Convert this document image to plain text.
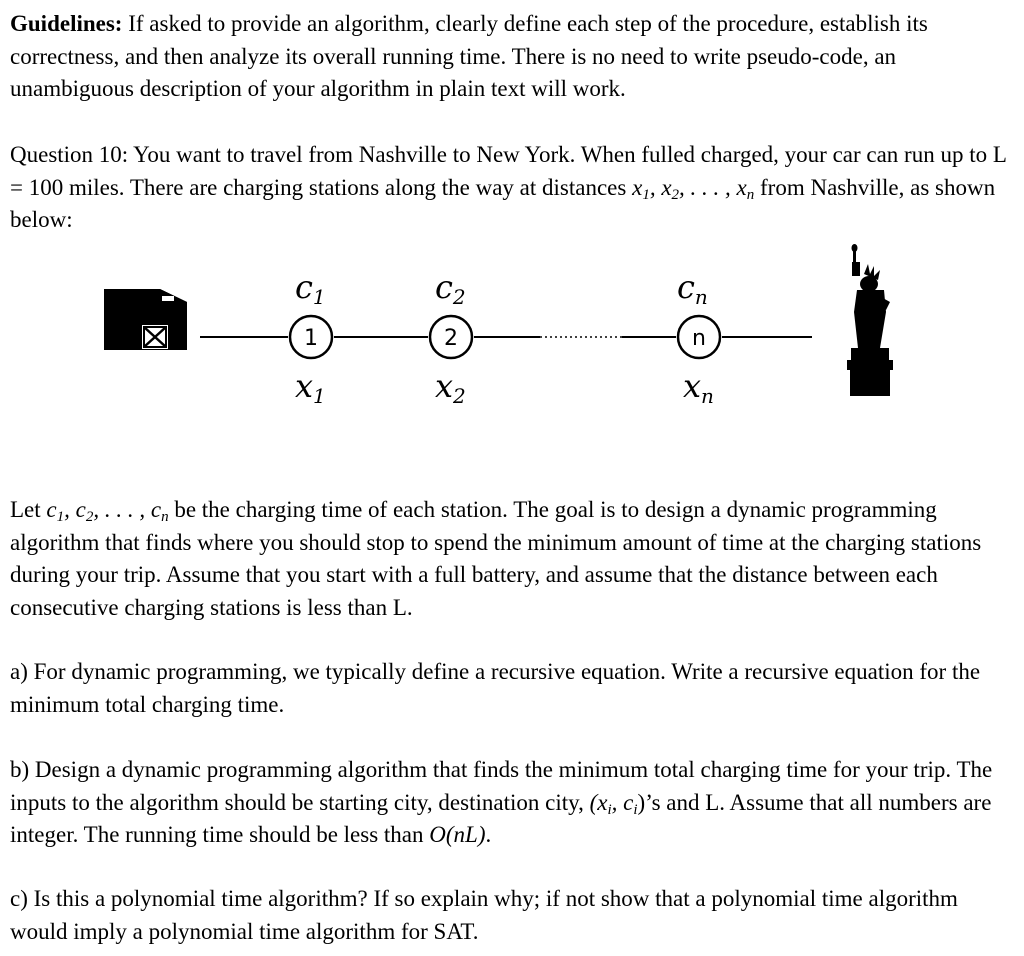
Guidelines: If asked to provide an algorithm, clearly define each step of the procedure, establish its correctness, and then analyze its overall running time. There is no need to write pseudo-code, an unambiguous description of your algorithm in plain text will work.

Question 10: You want to travel from Nashville to New York. When fulled charged, your car can run up to L = 100 miles. There are charging stations along the way at distances $x_1$, $x_2$, . . . , $x_n$ from Nashville, as shown below:

1
c1
x1
2
c2
x2
n
cn
xn

Let $c_1$, $c_2$, . . . , $c_n$ be the charging time of each station. The goal is to design a dynamic programming algorithm that finds where you should stop to spend the minimum amount of time at the charging stations during your trip. Assume that you start with a full battery, and assume that the distance between each consecutive charging stations is less than L.

a) For dynamic programming, we typically define a recursive equation. Write a recursive equation for the minimum total charging time.

b) Design a dynamic programming algorithm that finds the minimum total charging time for your trip. The inputs to the algorithm should be starting city, destination city, ($x_i$, $c_i)’s$ and L. Assume that all numbers are integer. The running time should be less than O(nL).

c) Is this a polynomial time algorithm? If so explain why; if not show that a polynomial time algorithm would imply a polynomial time algorithm for SAT.
